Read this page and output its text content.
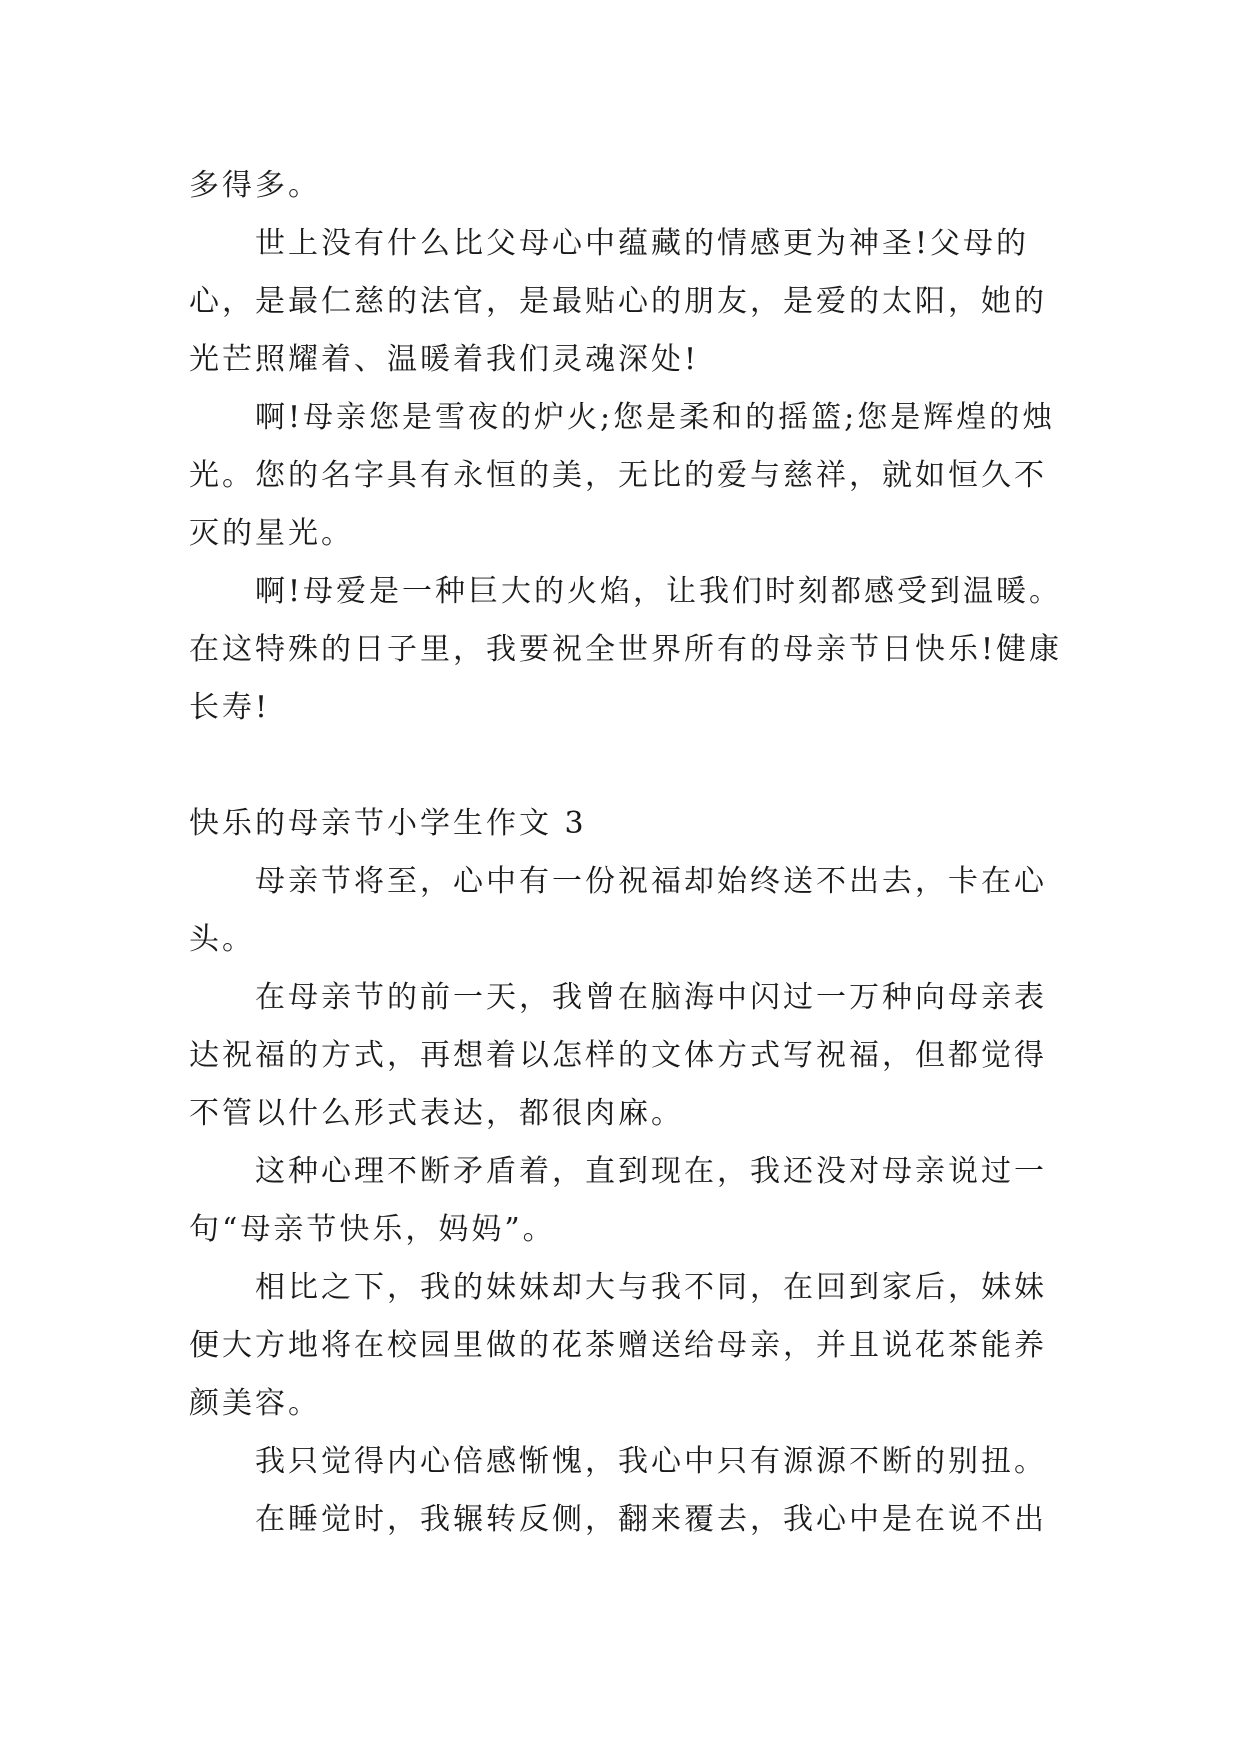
多得多。

世上没有什么比父母心中蕴藏的情感更为神圣!父母的心，是最仁慈的法官，是最贴心的朋友，是爱的太阳，她的光芒照耀着、温暖着我们灵魂深处!

啊!母亲您是雪夜的炉火;您是柔和的摇篮;您是辉煌的烛光。您的名字具有永恒的美，无比的爱与慈祥，就如恒久不灭的星光。

啊!母爱是一种巨大的火焰，让我们时刻都感受到温暖。在这特殊的日子里，我要祝全世界所有的母亲节日快乐!健康长寿!

快乐的母亲节小学生作文 3

母亲节将至，心中有一份祝福却始终送不出去，卡在心头。

在母亲节的前一天，我曾在脑海中闪过一万种向母亲表达祝福的方式，再想着以怎样的文体方式写祝福，但都觉得不管以什么形式表达，都很肉麻。

这种心理不断矛盾着，直到现在，我还没对母亲说过一句“母亲节快乐，妈妈”。

相比之下，我的妹妹却大与我不同，在回到家后，妹妹便大方地将在校园里做的花茶赠送给母亲，并且说花茶能养颜美容。

我只觉得内心倍感惭愧，我心中只有源源不断的别扭。

在睡觉时，我辗转反侧，翻来覆去，我心中是在说不出
